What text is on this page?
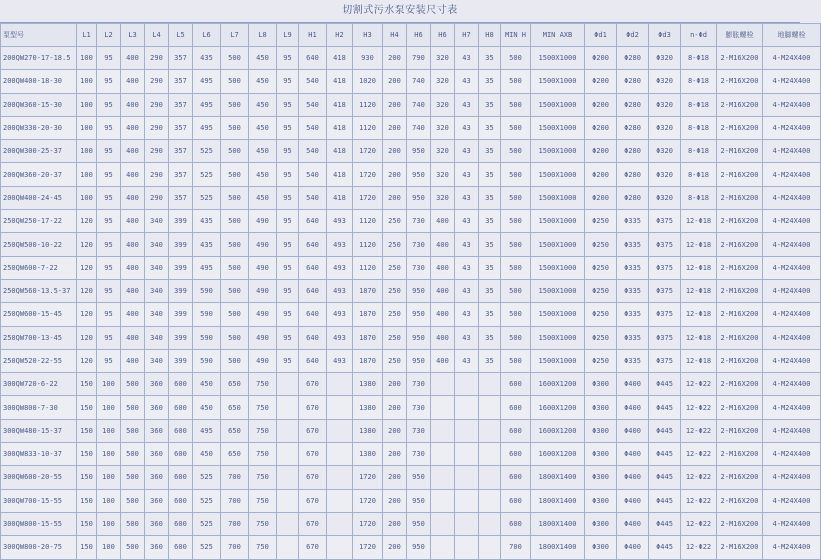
切割式污水泵安装尺寸表
泵型号	L1	L2	L3	L4	L5	L6	L7	L8	L9	H1	H2	H3	H4	H6	H6	H7	H8	MIN H	MIN AXB	Φd1	Φd2	Φd3	n-Φd	膨胀螺栓	地脚螺栓
200QW270-17-18.5	100	95	400	290	357	435	500	450	95	640	418	930	200	790	320	43	35	500	1500X1000	Φ200	Φ280	Φ320	8-Φ18	2-M16X200	4-M24X400
200QW400-18-30	100	95	400	290	357	495	500	450	95	540	418	1020	200	740	320	43	35	500	1500X1000	Φ200	Φ280	Φ320	8-Φ18	2-M16X200	4-M24X400
200QW360-15-30	100	95	400	290	357	495	500	450	95	540	418	1120	200	740	320	43	35	500	1500X1000	Φ200	Φ280	Φ320	8-Φ18	2-M16X200	4-M24X400
200QW330-20-30	100	95	400	290	357	495	500	450	95	540	418	1120	200	740	320	43	35	500	1500X1000	Φ200	Φ280	Φ320	8-Φ18	2-M16X200	4-M24X400
200QW300-25-37	100	95	400	290	357	525	500	450	95	540	418	1720	200	950	320	43	35	500	1500X1000	Φ200	Φ280	Φ320	8-Φ18	2-M16X200	4-M24X400
200QW360-20-37	100	95	400	290	357	525	500	450	95	540	418	1720	200	950	320	43	35	500	1500X1000	Φ200	Φ280	Φ320	8-Φ18	2-M16X200	4-M24X400
200QW400-24-45	100	95	400	290	357	525	500	450	95	540	418	1720	200	950	320	43	35	500	1500X1000	Φ200	Φ280	Φ320	8-Φ18	2-M16X200	4-M24X400
250QW250-17-22	120	95	400	340	399	435	500	490	95	640	493	1120	250	730	400	43	35	500	1500X1000	Φ250	Φ335	Φ375	12-Φ18	2-M16X200	4-M24X400
250QW500-10-22	120	95	400	340	399	435	500	490	95	640	493	1120	250	730	400	43	35	500	1500X1000	Φ250	Φ335	Φ375	12-Φ18	2-M16X200	4-M24X400
250QW600-7-22	120	95	400	340	399	495	500	490	95	640	493	1120	250	730	400	43	35	500	1500X1000	Φ250	Φ335	Φ375	12-Φ18	2-M16X200	4-M24X400
250QW560-13.5-37	120	95	400	340	399	590	500	490	95	640	493	1870	250	950	400	43	35	500	1500X1000	Φ250	Φ335	Φ375	12-Φ18	2-M16X200	4-M24X400
250QW600-15-45	120	95	400	340	399	590	500	490	95	640	493	1870	250	950	400	43	35	500	1500X1000	Φ250	Φ335	Φ375	12-Φ18	2-M16X200	4-M24X400
250QW700-13-45	120	95	400	340	399	590	500	490	95	640	493	1870	250	950	400	43	35	500	1500X1000	Φ250	Φ335	Φ375	12-Φ18	2-M16X200	4-M24X400
250QW520-22-55	120	95	400	340	399	590	500	490	95	640	493	1870	250	950	400	43	35	500	1500X1000	Φ250	Φ335	Φ375	12-Φ18	2-M16X200	4-M24X400
300QW720-6-22	150	100	500	360	600	450	650	750		670		1380	200	730				600	1600X1200	Φ300	Φ400	Φ445	12-Φ22	2-M16X200	4-M24X400
300QW800-7-30	150	100	500	360	600	450	650	750		670		1380	200	730				600	1600X1200	Φ300	Φ400	Φ445	12-Φ22	2-M16X200	4-M24X400
300QW480-15-37	150	100	500	360	600	495	650	750		670		1380	200	730				600	1600X1200	Φ300	Φ400	Φ445	12-Φ22	2-M16X200	4-M24X400
300QW833-10-37	150	100	500	360	600	450	650	750		670		1380	200	730				600	1600X1200	Φ300	Φ400	Φ445	12-Φ22	2-M16X200	4-M24X400
300QW600-20-55	150	100	500	360	600	525	700	750		670		1720	200	950				600	1800X1400	Φ300	Φ400	Φ445	12-Φ22	2-M16X200	4-M24X400
300QW700-15-55	150	100	500	360	600	525	700	750		670		1720	200	950				600	1800X1400	Φ300	Φ400	Φ445	12-Φ22	2-M16X200	4-M24X400
300QW800-15-55	150	100	500	360	600	525	700	750		670		1720	200	950				600	1800X1400	Φ300	Φ400	Φ445	12-Φ22	2-M16X200	4-M24X400
300QW800-20-75	150	100	500	360	600	525	700	750		670		1720	200	950				700	1800X1400	Φ300	Φ400	Φ445	12-Φ22	2-M16X200	4-M24X400
